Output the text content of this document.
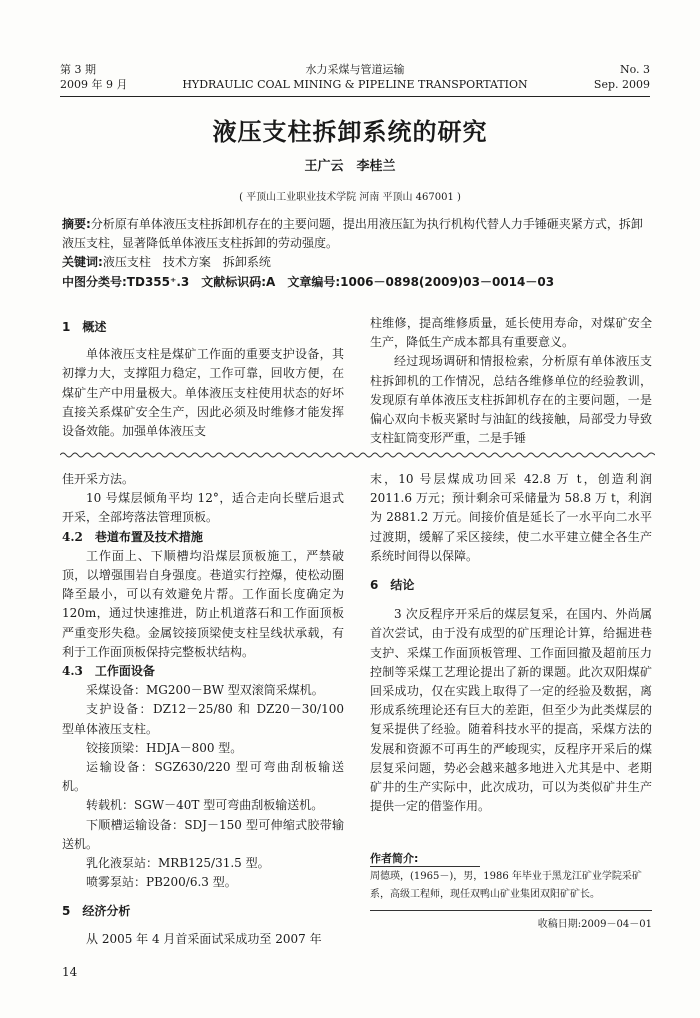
第 3 期
2009 年 9 月
水力采煤与管道运输
HYDRAULIC COAL MINING & PIPELINE TRANSPORTATION
No. 3
Sep. 2009
液压支柱拆卸系统的研究
王广云　李桂兰
( 平顶山工业职业技术学院 河南 平顶山 467001 )
摘要:分析原有单体液压支柱拆卸机存在的主要问题，提出用液压缸为执行机构代替人力手锤砸夹紧方式，拆卸液压支柱，显著降低单体液压支柱拆卸的劳动强度。
关键词:液压支柱　技术方案　拆卸系统
中图分类号:TD355⁺.3　文献标识码:A　文章编号:1006－0898(2009)03－0014－03

1　概述

单体液压支柱是煤矿工作面的重要支护设备，其初撑力大，支撑阻力稳定，工作可靠，回收方便，在煤矿生产中用量极大。单体液压支柱使用状态的好坏直接关系煤矿安全生产，因此必须及时维修才能发挥设备效能。加强单体液压支

柱维修，提高维修质量，延长使用寿命，对煤矿安全生产，降低生产成本都具有重要意义。

经过现场调研和情报检索，分析原有单体液压支柱拆卸机的工作情况，总结各维修单位的经验教训，发现原有单体液压支柱拆卸机存在的主要问题，一是偏心双向卡板夹紧时与油缸的线接触，局部受力导致支柱缸筒变形严重，二是手锤

佳开采方法。

10 号煤层倾角平均 12°，适合走向长壁后退式开采，全部垮落法管理顶板。

4.2　巷道布置及技术措施

工作面上、下顺槽均沿煤层顶板施工，严禁破顶，以增强围岩自身强度。巷道实行控爆，使松动圈降至最小，可以有效避免片帮。工作面长度确定为 120m，通过快速推进，防止机道落石和工作面顶板严重变形失稳。金属铰接顶梁使支柱呈线状承载，有利于工作面顶板保持完整板状结构。

4.3　工作面设备

采煤设备：MG200－BW 型双滚筒采煤机。

支护设备：DZ12－25/80 和 DZ20－30/100 型单体液压支柱。

铰接顶梁：HDJA－800 型。

运输设备：SGZ630/220 型可弯曲刮板输送机。

转载机：SGW－40T 型可弯曲刮板输送机。

下顺槽运输设备：SDJ－150 型可伸缩式胶带输送机。

乳化液泵站：MRB125/31.5 型。

喷雾泵站：PB200/6.3 型。

5　经济分析

从 2005 年 4 月首采面试采成功至 2007 年

末，10 号层煤成功回采 42.8 万 t，创造利润 2011.6 万元；预计剩余可采储量为 58.8 万 t，利润为 2881.2 万元。间接价值是延长了一水平向二水平过渡期，缓解了采区接续，使二水平建立健全各生产系统时间得以保障。

6　结论

3 次反程序开采后的煤层复采，在国内、外尚属首次尝试，由于没有成型的矿压理论计算，给掘进巷支护、采煤工作面顶板管理、工作面回撤及超前压力控制等采煤工艺理论提出了新的课题。此次双阳煤矿回采成功，仅在实践上取得了一定的经验及数据，离形成系统理论还有巨大的差距，但至少为此类煤层的复采提供了经验。随着科技水平的提高，采煤方法的发展和资源不可再生的严峻现实，反程序开采后的煤层复采问题，势必会越来越多地进入尤其是中、老期矿井的生产实际中，此次成功，可以为类似矿井生产提供一定的借鉴作用。

作者简介:
周德瑛，(1965－)，男，1986 年毕业于黑龙江矿业学院采矿系，高级工程师，现任双鸭山矿业集团双阳矿矿长。
收稿日期:2009－04－01
14
